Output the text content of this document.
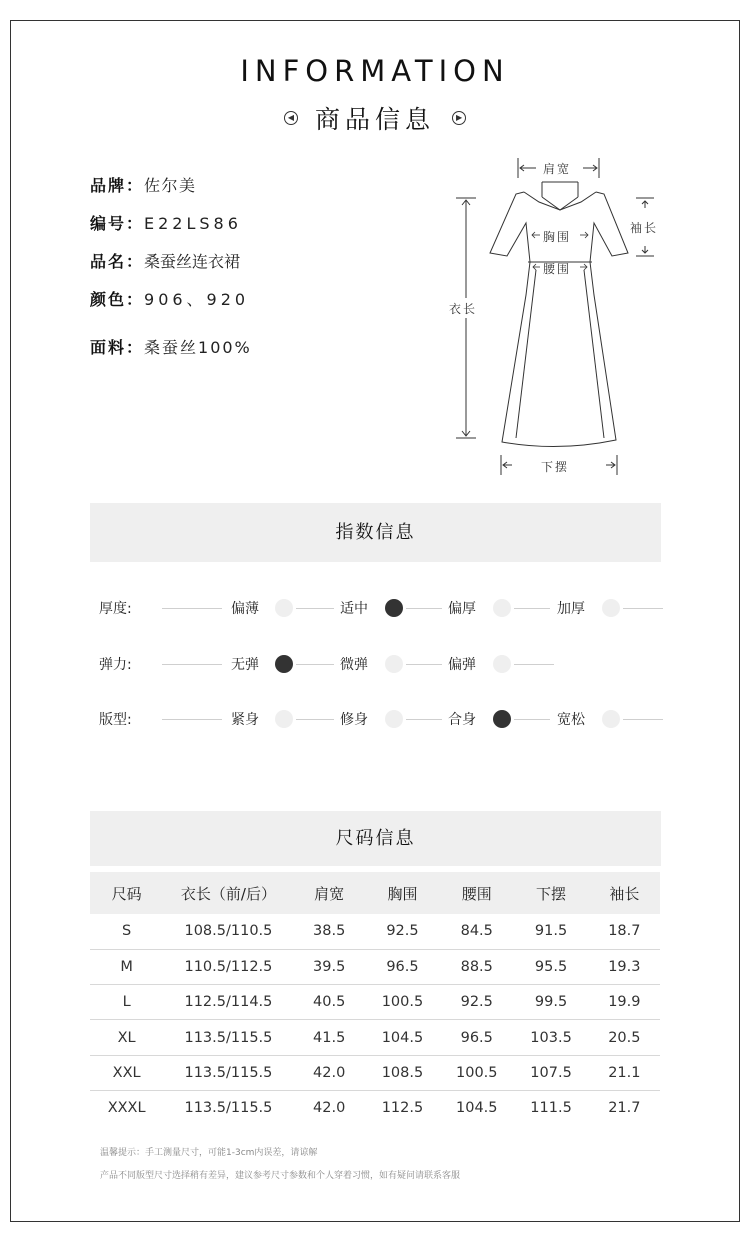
INFORMATION
◀ 商品信息	▶
品牌：佐尔美
编号：E22LS86
品名：桑蚕丝连衣裙
颜色：906、920
面料：桑蚕丝100%
肩宽
袖长
胸围
腰围
衣长
下摆
指数信息
厚度:	偏薄	适中	偏厚	加厚
弹力:	无弹	微弹	偏弹
版型:	紧身	修身	合身	宽松
尺码信息
尺码	衣长（前/后）	肩宽	胸围	腰围	下摆	袖长
S	108.5/110.5	38.5	92.5	84.5	91.5	18.7
M	110.5/112.5	39.5	96.5	88.5	95.5	19.3
L	112.5/114.5	40.5	100.5	92.5	99.5	19.9
XL	113.5/115.5	41.5	104.5	96.5	103.5	20.5
XXL	113.5/115.5	42.0	108.5	100.5	107.5	21.1
XXXL	113.5/115.5	42.0	112.5	104.5	111.5	21.7
温馨提示：手工测量尺寸，可能1-3cm内误差，请谅解
产品不同版型尺寸选择稍有差异，建议参考尺寸参数和个人穿着习惯，如有疑问请联系客服
